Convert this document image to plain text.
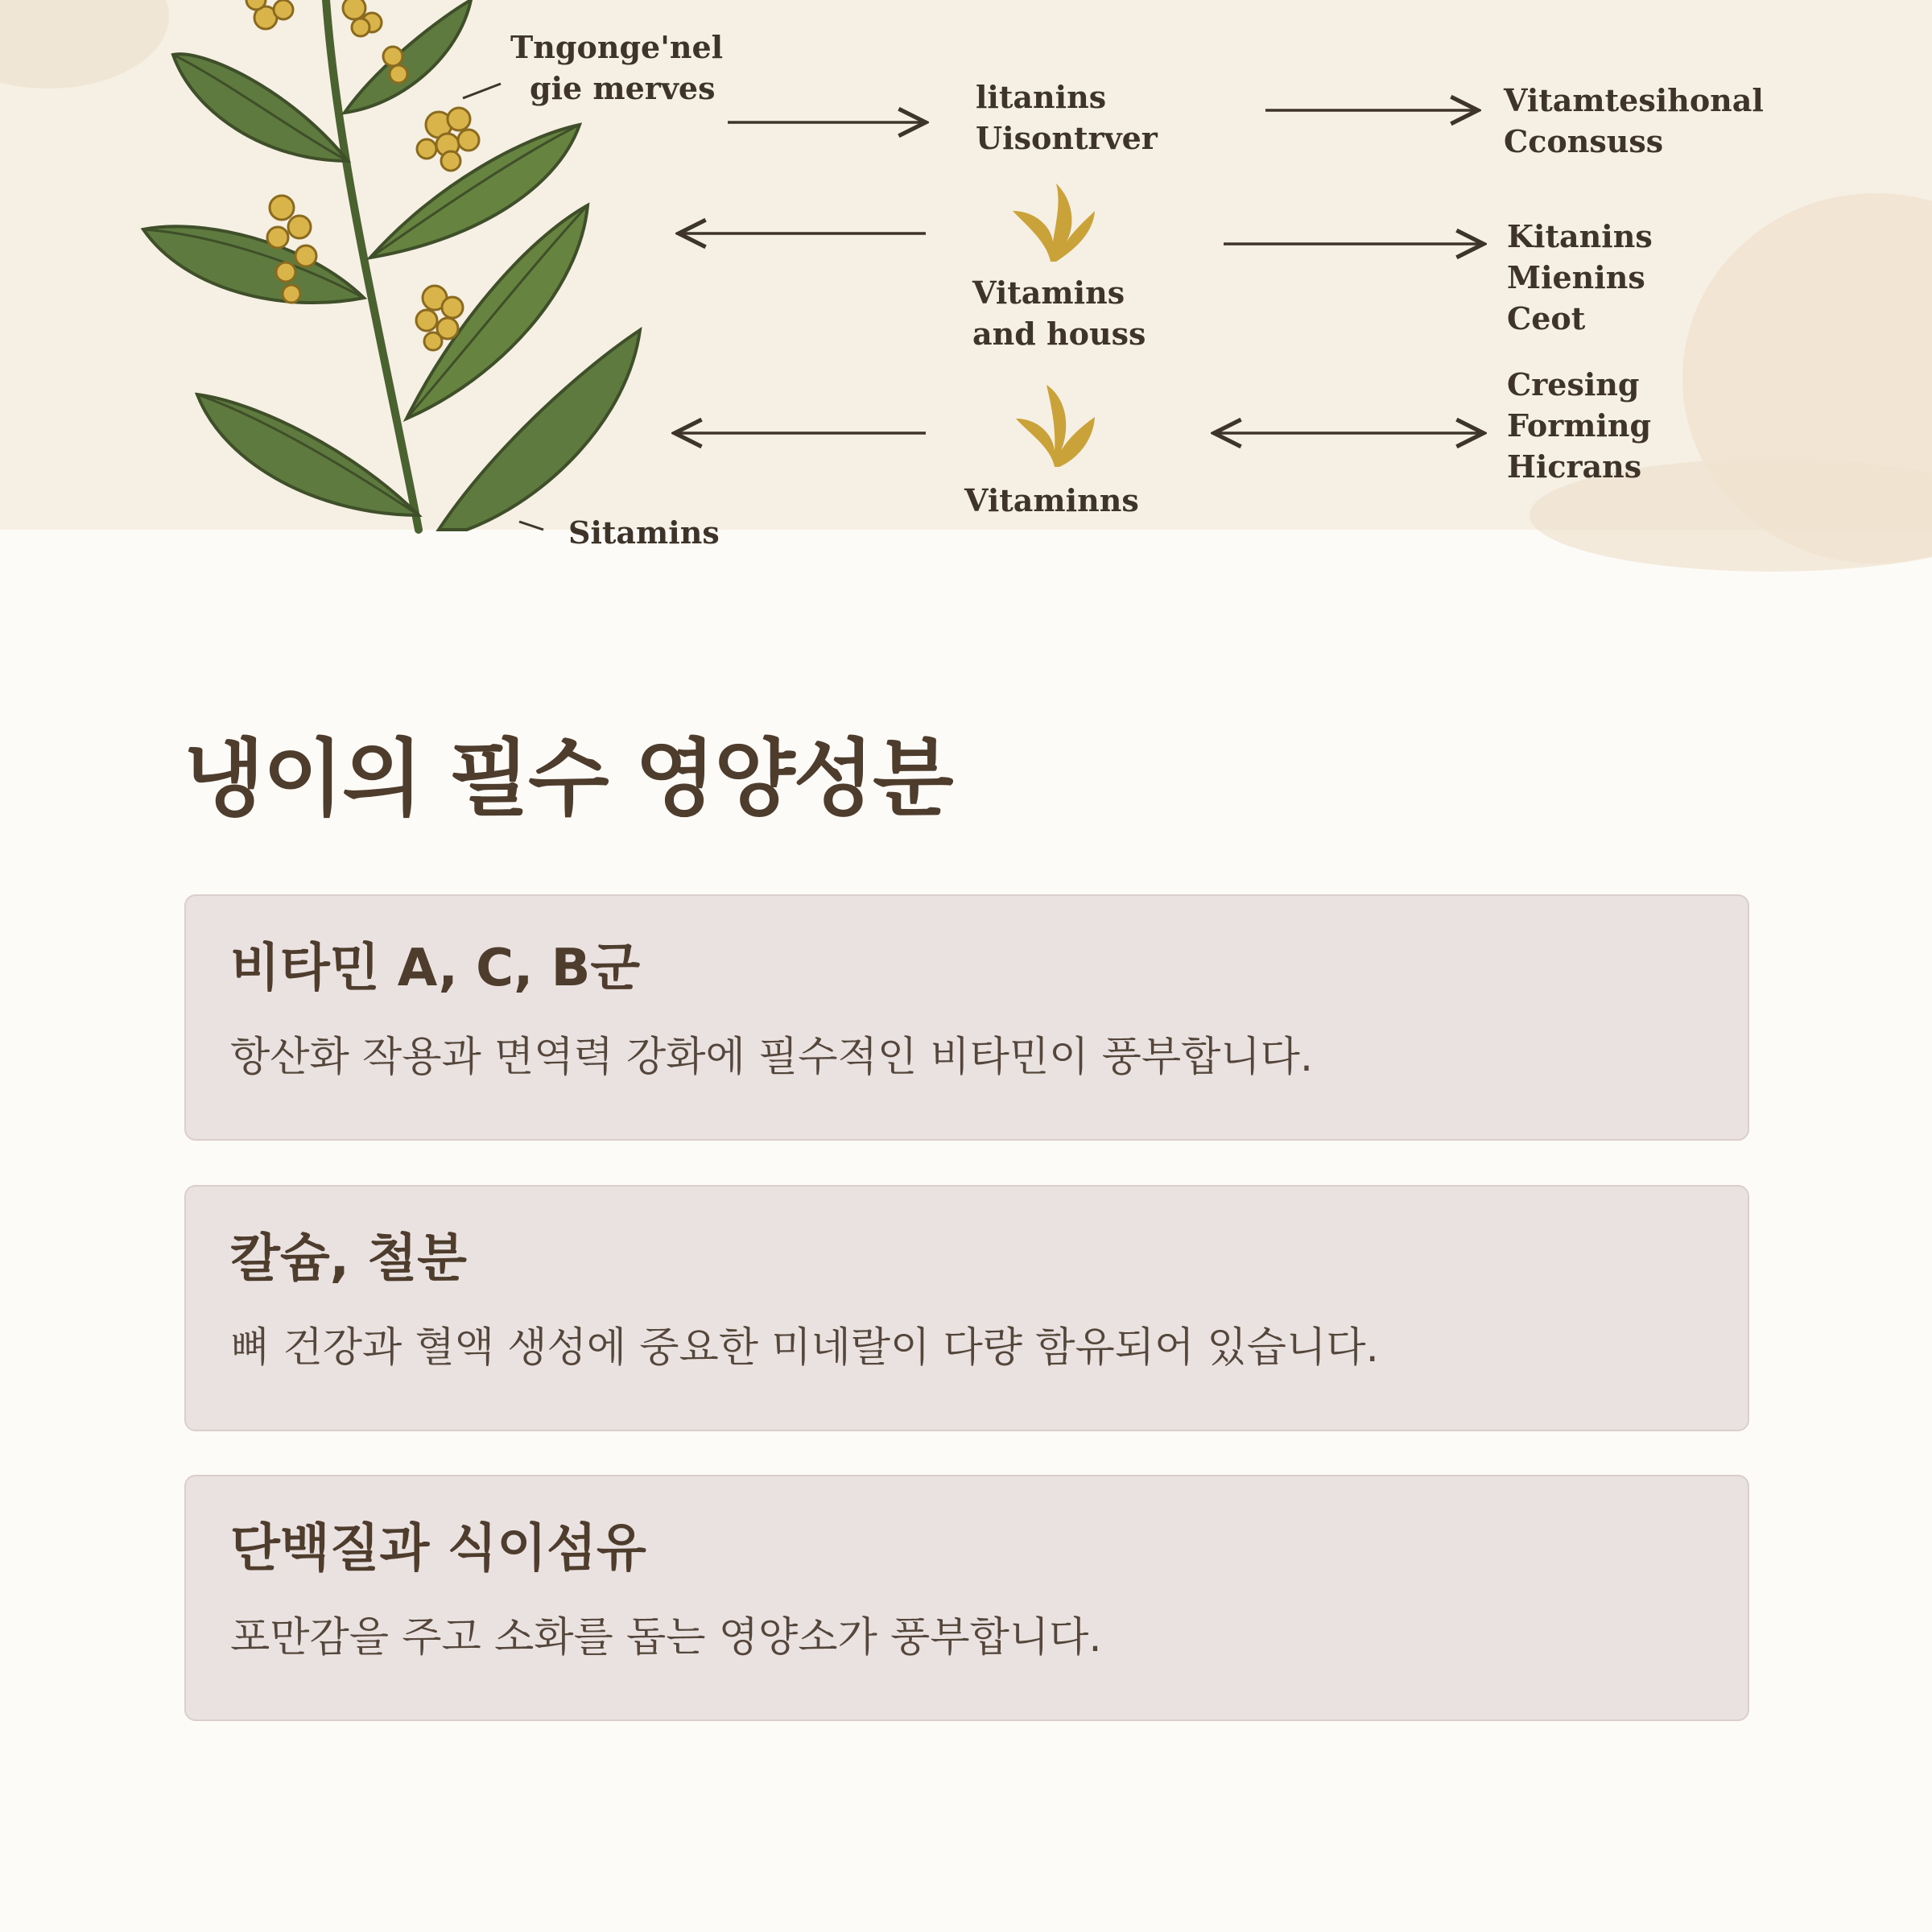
Tngonge'nel
gie merves	litanins
Uisontrver
Vitamtesihonal
Cconsuss
Vitamins
and houss
Kitanins
Mienins
Ceot
Vitaminns
Cresing
Forming
Hicrans
Sitamins
냉이의 필수 영양성분
비타민 A, C, B군
항산화 작용과 면역력 강화에 필수적인 비타민이 풍부합니다.
칼슘, 철분
뼈 건강과 혈액 생성에 중요한 미네랄이 다량 함유되어 있습니다.
단백질과 식이섬유
포만감을 주고 소화를 돕는 영양소가 풍부합니다.
